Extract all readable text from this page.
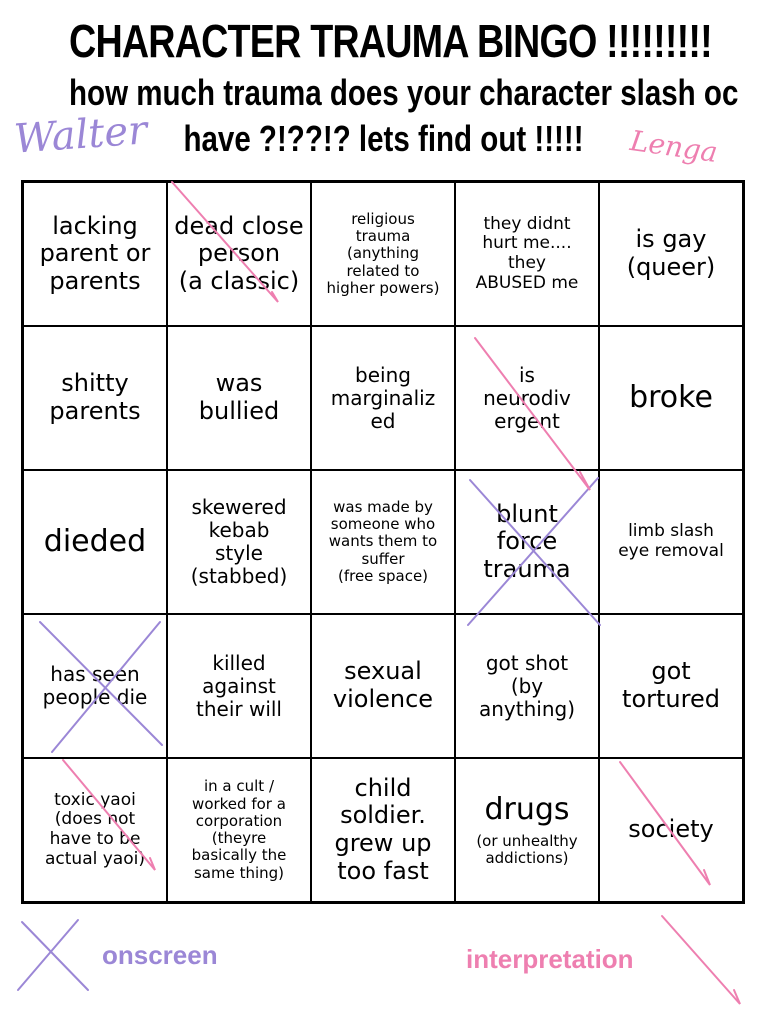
CHARACTER TRAUMA BINGO !!!!!!!!!
how much trauma does your character slash oc
have ?!??!? lets find out !!!!!
Walter	Lenga
lacking
parent or
parents
dead close
person
(a classic)
religious
trauma
(anything
related to
higher powers)
they didnt
hurt me....
they
ABUSED me
is gay
(queer)
shitty
parents
was
bullied
being
marginaliz
ed
is
neurodiv
ergent
broke
dieded
skewered
kebab
style
(stabbed)
was made by
someone who
wants them to
suffer
(free space)
blunt
force
trauma
limb slash
eye removal
has seen
people die
killed
against
their will
sexual
violence
got shot
(by
anything)
got
tortured
toxic yaoi
(does not
have to be
actual yaoi)
in a cult /
worked for a
corporation
(theyre
basically the
same thing)
child
soldier.
grew up
too fast
drugs
(or unhealthy
addictions)
society
onscreen	interpretation
